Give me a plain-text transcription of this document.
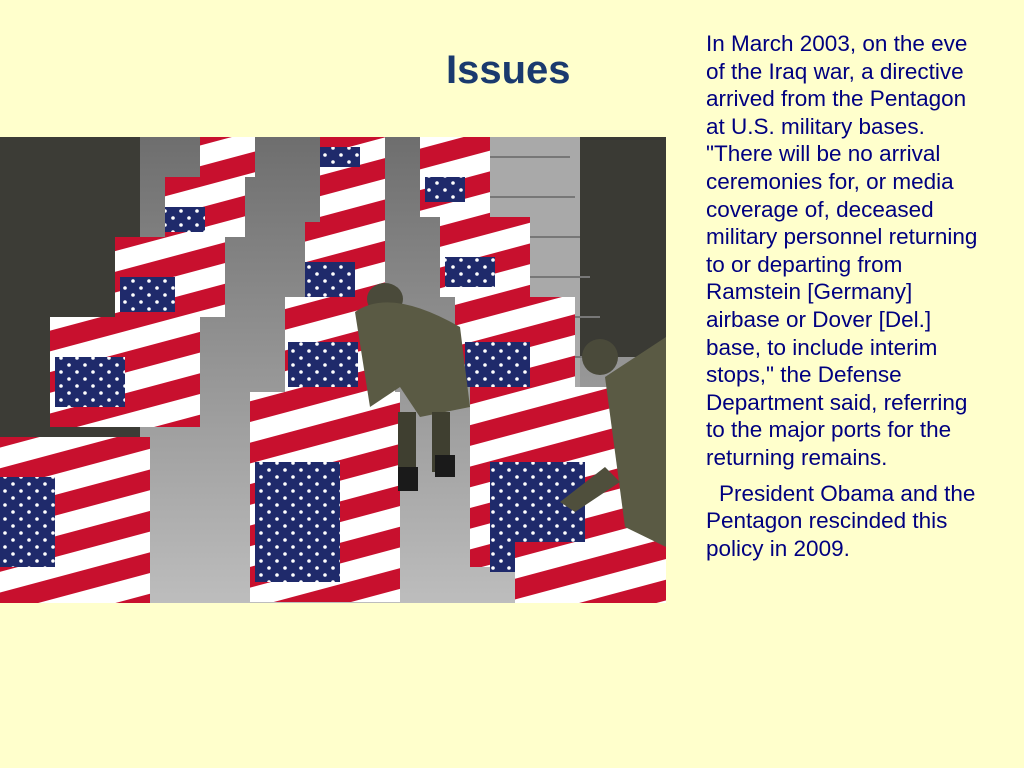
Issues

In March 2003, on the eve of the Iraq war, a directive arrived from the Pentagon at U.S. military bases. "There will be no arrival ceremonies for, or media coverage of, deceased military personnel returning to or departing from Ramstein [Germany] airbase or Dover [Del.] base, to include interim stops," the Defense Department said, referring to the major ports for the returning remains.

President Obama and the Pentagon rescinded this policy in 2009.
